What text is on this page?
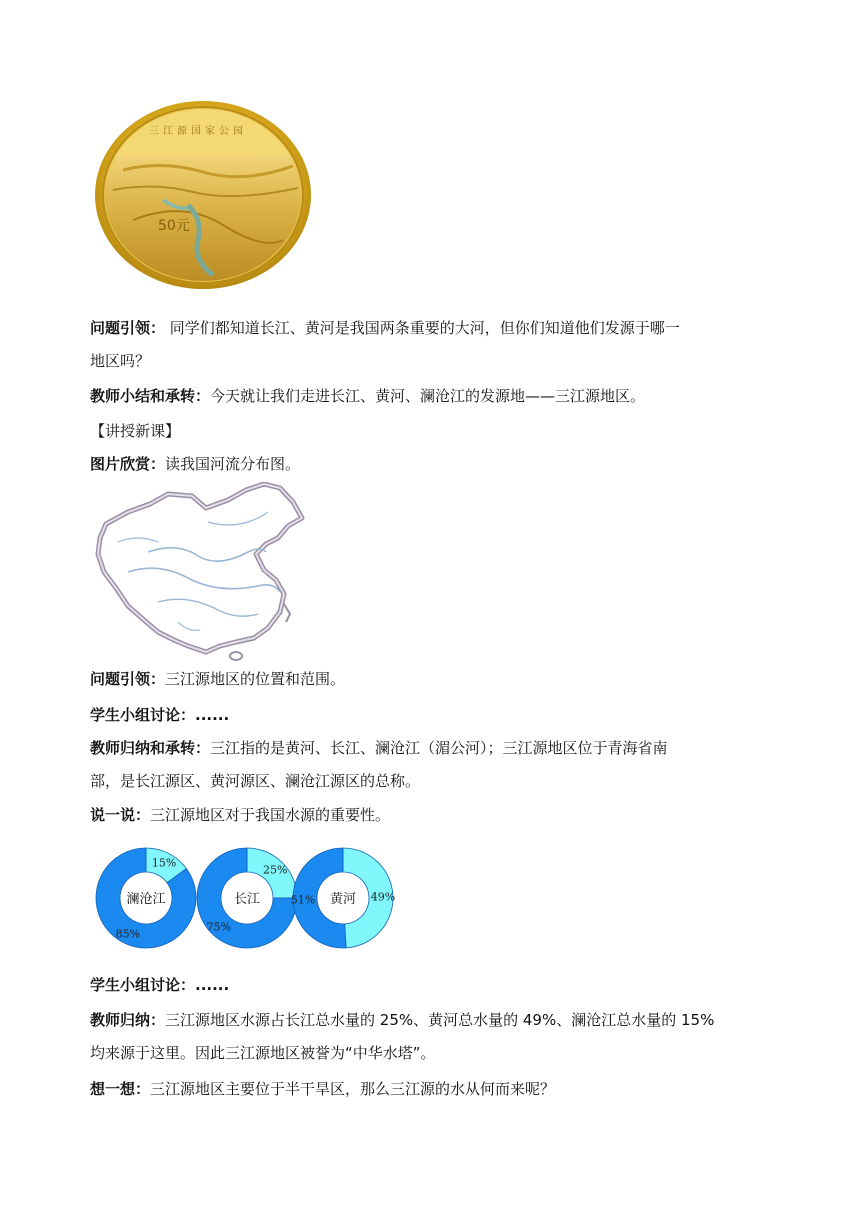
三江源国家公园
50元
问题引领： 同学们都知道长江、黄河是我国两条重要的大河，但你们知道他们发源于哪一
地区吗？
教师小结和承转：今天就让我们走进长江、黄河、澜沧江的发源地——三江源地区。
【讲授新课】
图片欣赏：读我国河流分布图。
问题引领：三江源地区的位置和范围。
学生小组讨论：......
教师归纳和承转：三江指的是黄河、长江、澜沧江（湄公河）；三江源地区位于青海省南
部，是长江源区、黄河源区、澜沧江源区的总称。
说一说：三江源地区对于我国水源的重要性。
15%
85%
澜沧江
25%
75%
长江	49%
51% 黄河
学生小组讨论：......
教师归纳：三江源地区水源占长江总水量的 25%、黄河总水量的 49%、澜沧江总水量的 15%
均来源于这里。因此三江源地区被誉为“中华水塔”。
想一想：三江源地区主要位于半干旱区，那么三江源的水从何而来呢？
